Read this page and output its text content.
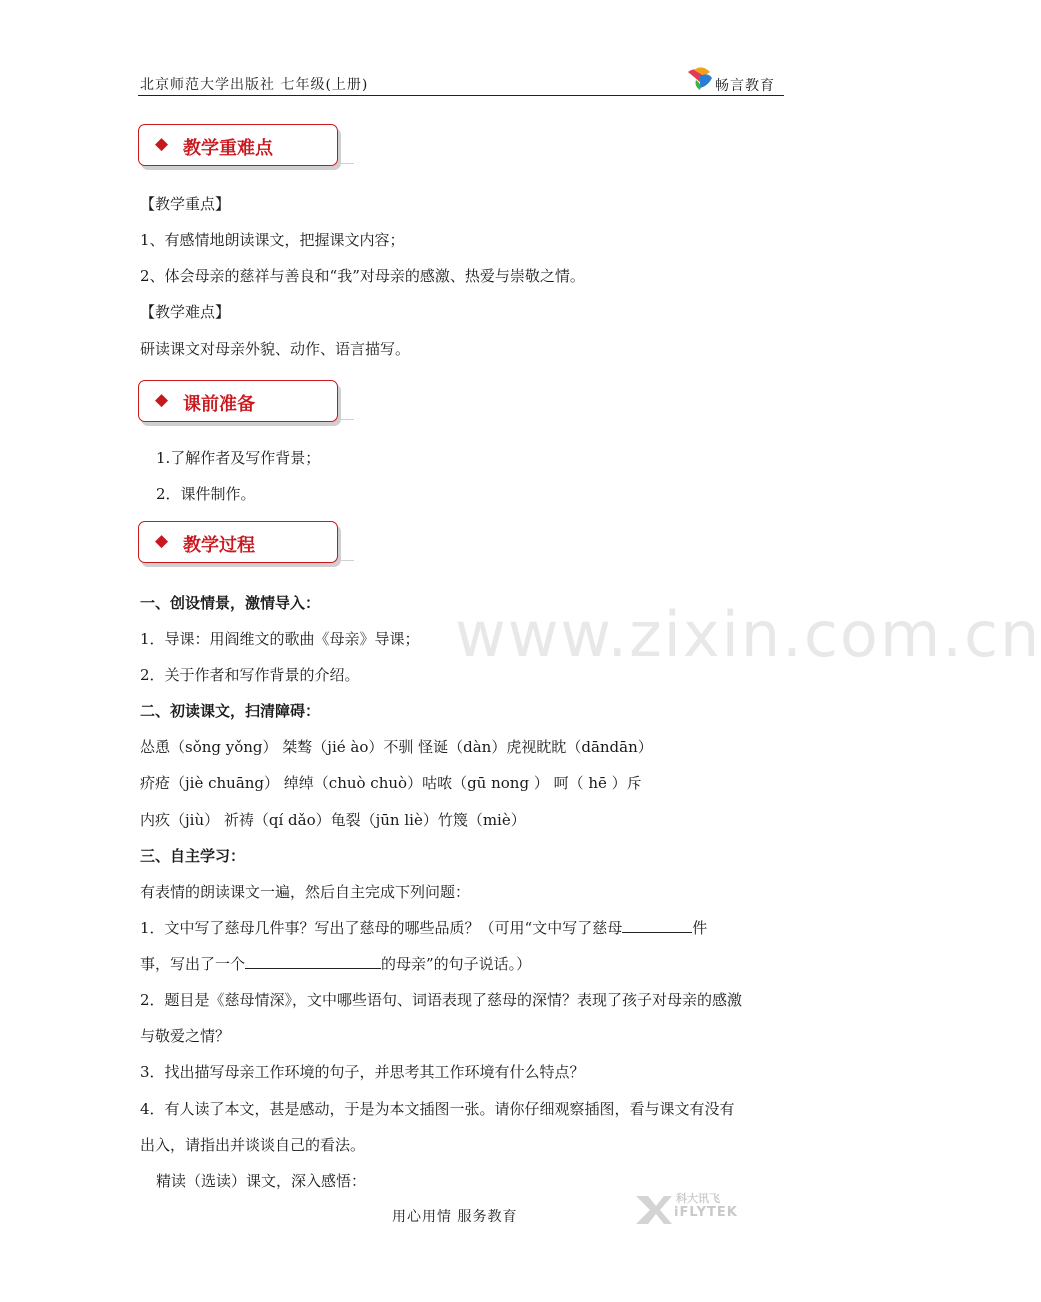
北京师范大学出版社 七年级(上册)	畅言教育
www.zixin.com.cn
◆ 教学重难点
【教学重点】
1、有感情地朗读课文，把握课文内容；
2、体会母亲的慈祥与善良和“我”对母亲的感激、热爱与崇敬之情。
【教学难点】
研读课文对母亲外貌、动作、语言描写。
◆ 课前准备
1.了解作者及写作背景；
2．课件制作。
◆ 教学过程
一、创设情景，激情导入：
1．导课：用阎维文的歌曲《母亲》导课；
2．关于作者和写作背景的介绍。
二、初读课文，扫清障碍：
怂恿（sǒng yǒng） 桀骜（jié ào）不驯 怪诞（dàn）虎视眈眈（dāndān）
疥疮（jiè chuāng） 绰绰（chuò chuò）咕哝（gū nong ） 呵（ hē ）斥
内疚（jiù） 祈祷（qí dǎo）龟裂（jūn liè）竹篾（miè）
三、自主学习：
有表情的朗读课文一遍，然后自主完成下列问题：
1．文中写了慈母几件事？写出了慈母的哪些品质？（可用“文中写了慈母	件
事，写出了一个	的母亲”的句子说话。）
2．题目是《慈母情深》，文中哪些语句、词语表现了慈母的深情？表现了孩子对母亲的感激
与敬爱之情？
3．找出描写母亲工作环境的句子，并思考其工作环境有什么特点？
4．有人读了本文，甚是感动，于是为本文插图一张。请你仔细观察插图，看与课文有没有
出入，请指出并谈谈自己的看法。
精读（选读）课文，深入感悟：
用心用情 服务教育
科大讯飞
iFLYTEK
